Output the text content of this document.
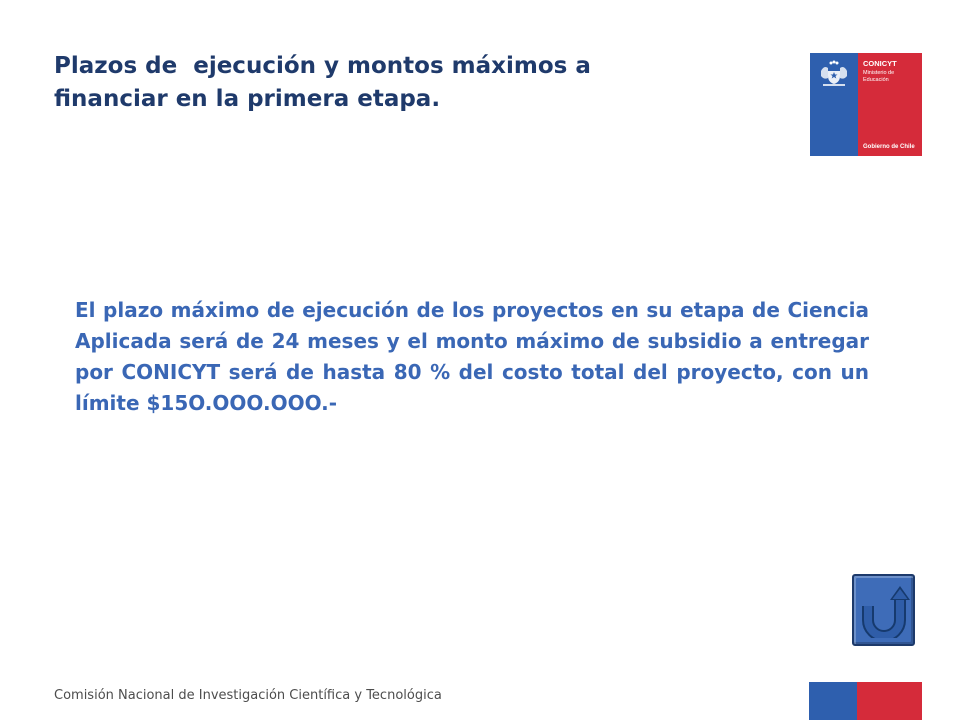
Plazos de  ejecución y montos máximos a
financiar en la primera etapa.
CONICYT
Ministerio de Educación
Gobierno de Chile

El plazo máximo de ejecución de los proyectos en su etapa de Ciencia Aplicada será de 24 meses y el monto máximo de subsidio a entregar por CONICYT será de hasta 80 % del costo total del proyecto, con un límite $15O.OOO.OOO.-

Comisión Nacional de Investigación Científica y Tecnológica
